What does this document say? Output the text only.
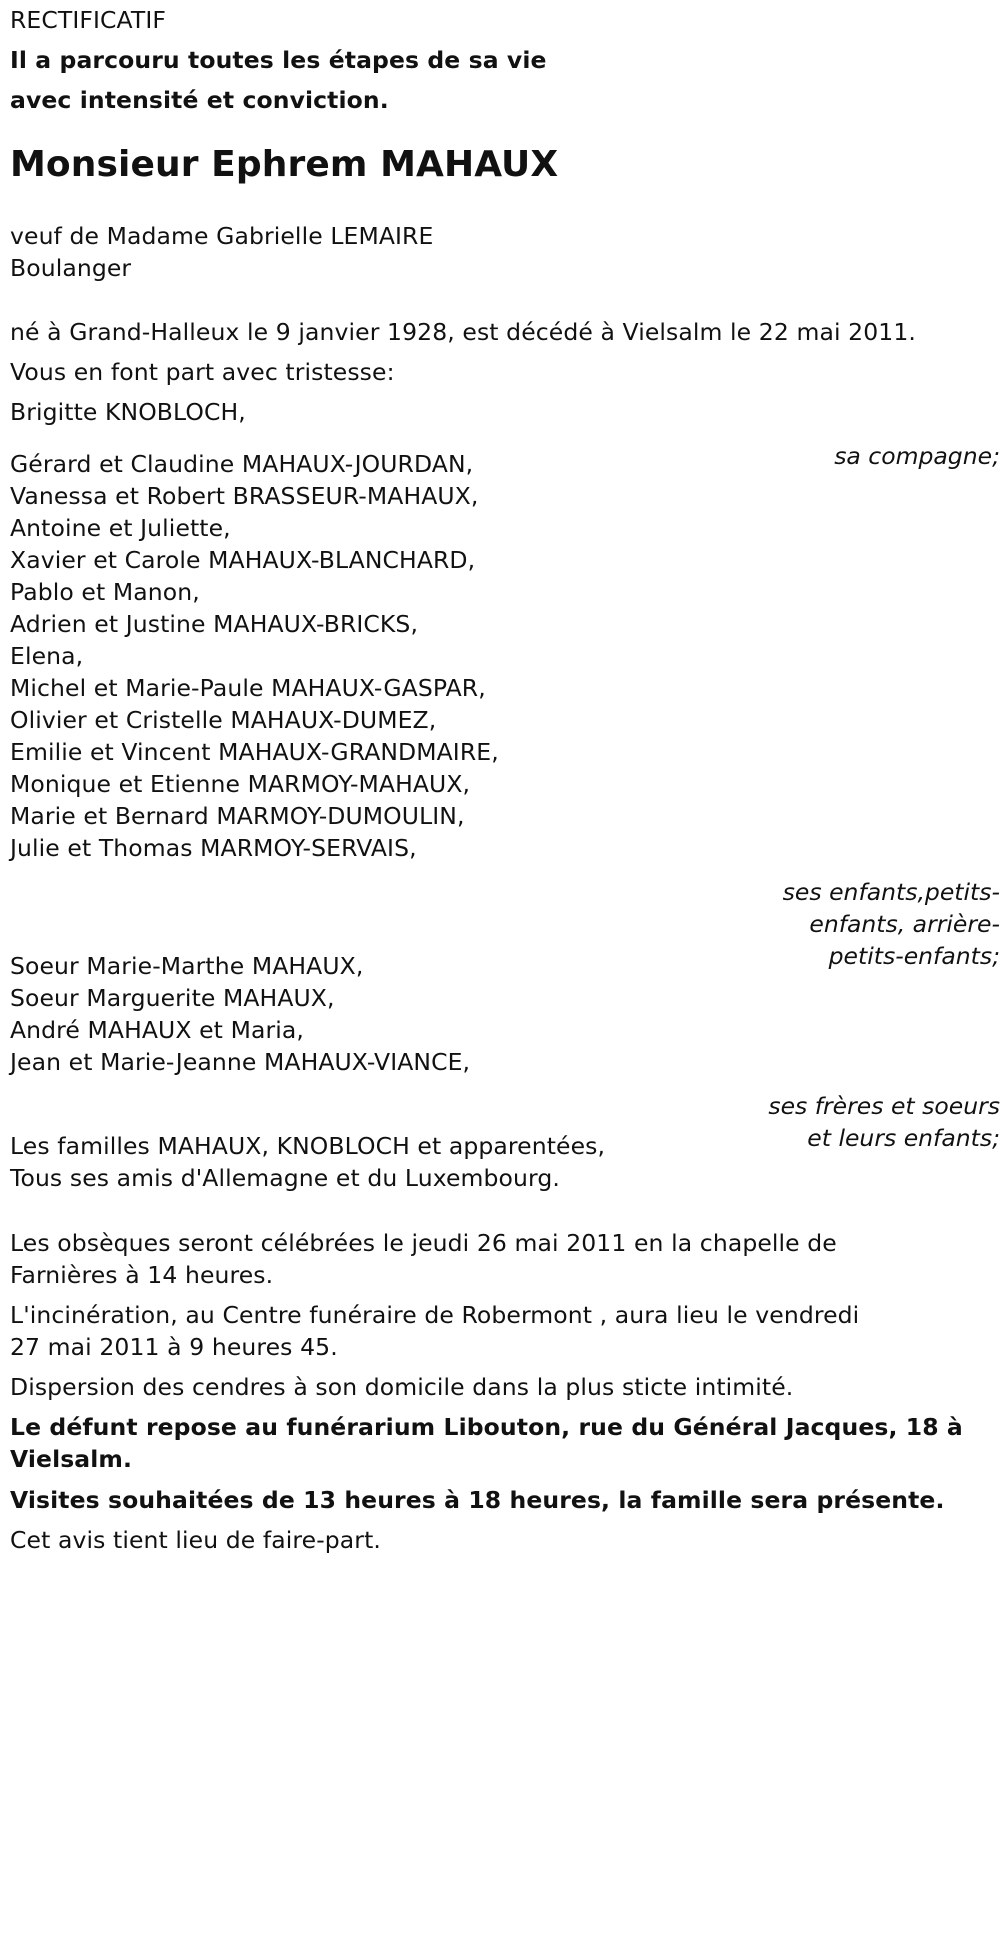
RECTIFICATIF

Il a parcouru toutes les étapes de sa vie

avec intensité et conviction.

Monsieur Ephrem MAHAUX

veuf de Madame Gabrielle LEMAIRE

Boulanger

né à Grand-Halleux le 9 janvier 1928, est décédé à Vielsalm le 22 mai 2011.

Vous en font part avec tristesse:

Brigitte KNOBLOCH,

sa compagne;

Gérard et Claudine MAHAUX-JOURDAN,

Vanessa et Robert BRASSEUR-MAHAUX,

Antoine et Juliette,

Xavier et Carole MAHAUX-BLANCHARD,

Pablo et Manon,

Adrien et Justine MAHAUX-BRICKS,

Elena,

Michel et Marie-Paule MAHAUX-GASPAR,

Olivier et Cristelle MAHAUX-DUMEZ,

Emilie et Vincent MAHAUX-GRANDMAIRE,

Monique et Etienne MARMOY-MAHAUX,

Marie et Bernard MARMOY-DUMOULIN,

Julie et Thomas MARMOY-SERVAIS,

ses enfants,petits-

enfants, arrière-

petits-enfants;

Soeur Marie-Marthe MAHAUX,

Soeur Marguerite MAHAUX,

André MAHAUX et Maria,

Jean et Marie-Jeanne MAHAUX-VIANCE,

ses frères et soeurs

et leurs enfants;

Les familles MAHAUX, KNOBLOCH et apparentées,

Tous ses amis d'Allemagne et du Luxembourg.

Les obsèques seront célébrées le jeudi 26 mai 2011 en la chapelle de

Farnières à 14 heures.

L'incinération, au Centre funéraire de Robermont , aura lieu le vendredi

27 mai 2011 à 9 heures 45.

Dispersion des cendres à son domicile dans la plus sticte intimité.

Le défunt repose au funérarium Libouton, rue du Général Jacques, 18 à

Vielsalm.

Visites souhaitées de 13 heures à 18 heures, la famille sera présente.

Cet avis tient lieu de faire-part.
